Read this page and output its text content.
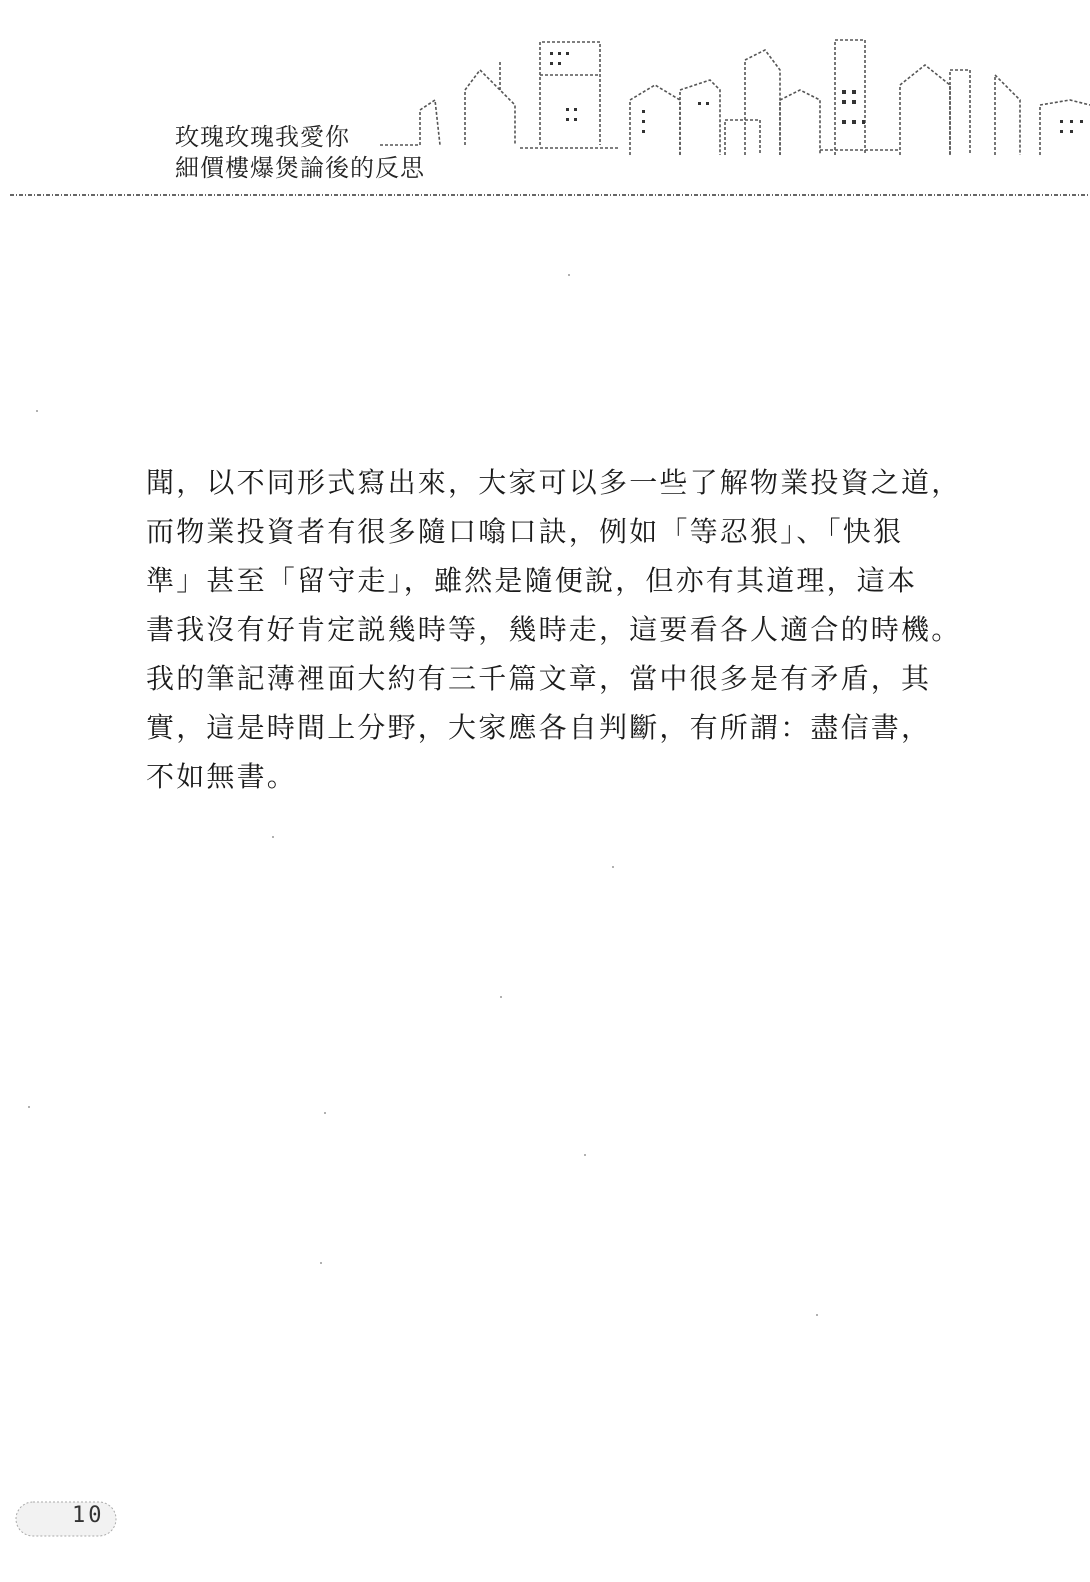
玫瑰玫瑰我愛你
細價樓爆煲論後的反思

聞，以不同形式寫出來，大家可以多一些了解物業投資之道，

而物業投資者有很多隨口噏口訣，例如「等忍狠」、「快狠

準」甚至「留守走」，雖然是隨便說，但亦有其道理，這本

書我沒有好肯定説幾時等，幾時走，這要看各人適合的時機。

我的筆記薄裡面大約有三千篇文章，當中很多是有矛盾，其

實，這是時間上分野，大家應各自判斷，有所謂：盡信書，

不如無書。

10
